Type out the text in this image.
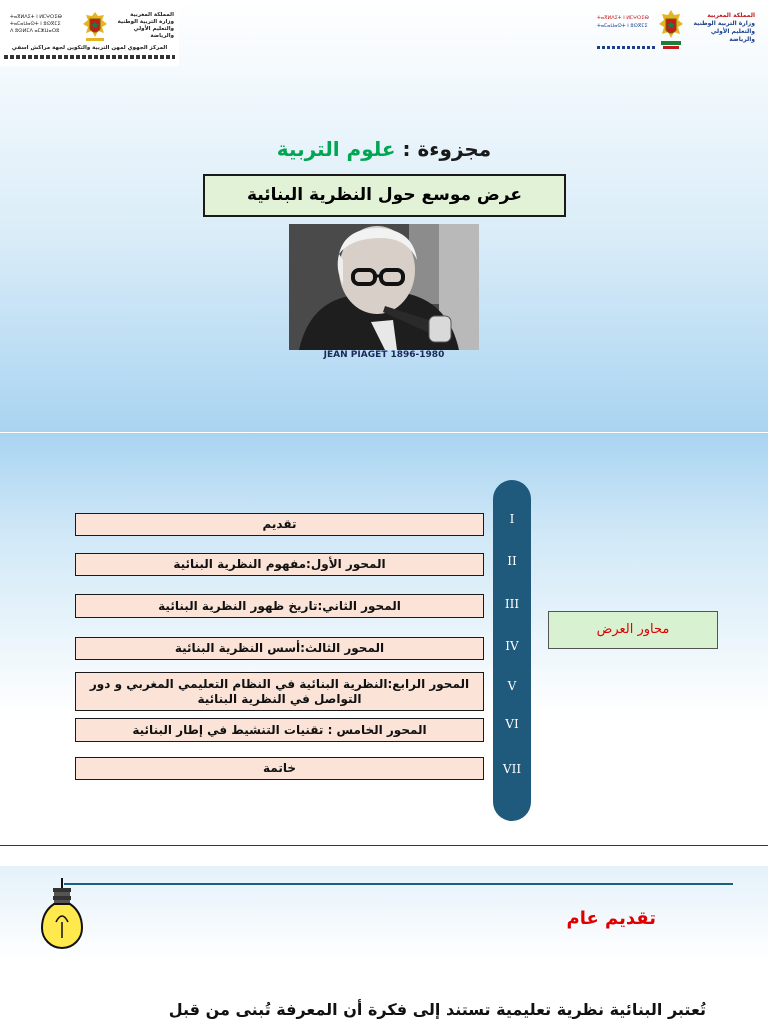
ⵜⴰⴳⵍⴷⵉⵜ ⵏ ⵍⵎⵖⵔⵉⴱ
ⵜⴰⵎⴰⵡⴰⵙⵜ ⵏ ⵓⵙⴳⵎⵉ
ⴷ ⵓⵙⵍⵎⴷ ⴰⵎⵣⵡⴰⵔⵓ
المملكة المغربية
وزارة التربية الوطنية
والتعليم الأولي والرياضة
المركز الجهوي لمهن التربية والتكوين لجهة مراكش آسفي
ⵜⴰⴳⵍⴷⵉⵜ ⵏ ⵍⵎⵖⵔⵉⴱ
ⵜⴰⵎⴰⵡⴰⵙⵜ ⵏ ⵓⵙⴳⵎⵉ
المملكة المغربية
وزارة التربية الوطنية
والتعليم الأولي والرياضة
مجزوءة : علوم التربية
عرض موسع حول النظرية البنائية
JEAN PIAGET 1896-1980
I
II
III
IV
V
VI
VII
تقديم
المحور الأول:مفهوم النظرية البنائية
المحور الثاني:تاريخ ظهور النظرية البنائية
المحور الثالث:أسس النظرية البنائية
المحور الرابع:النظرية البنائية في النظام التعليمي المغربي و دور التواصل في النظرية البنائية
المحور الخامس : تقنيات التنشيط في إطار البنائية
خاتمة
محاور العرض
تقديم عام
تُعتبر البنائية نظرية تعليمية تستند إلى فكرة أن المعرفة تُبنى من قبل
